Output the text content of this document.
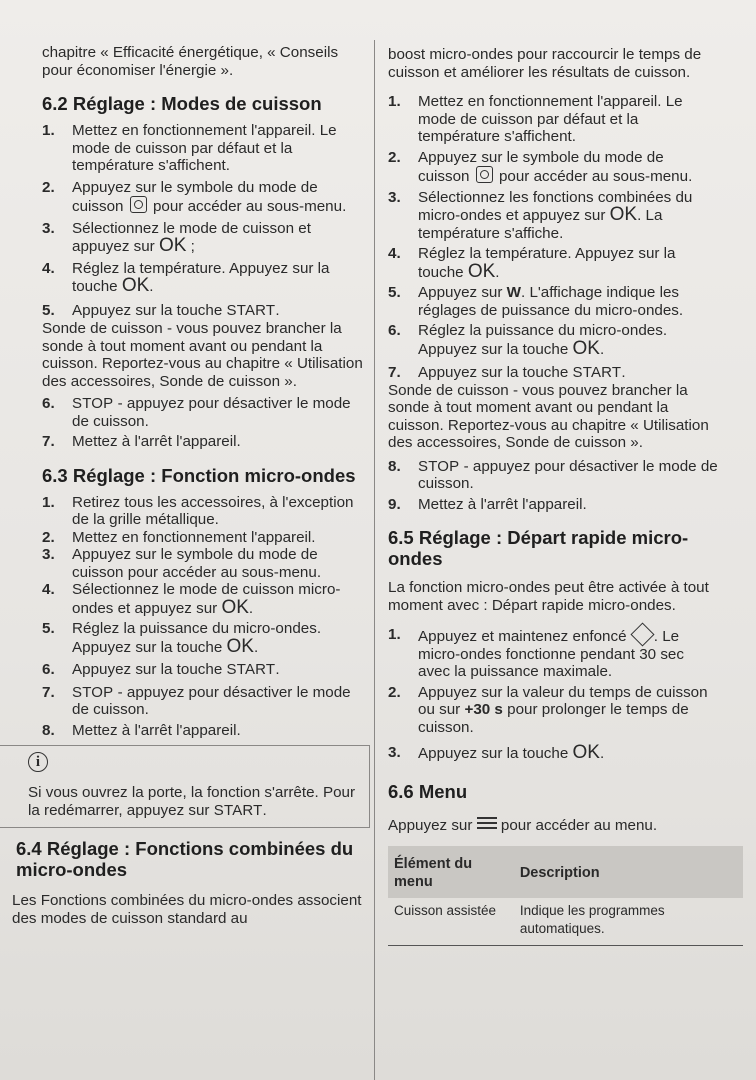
chapitre « Efficacité énergétique, « Conseils pour économiser l'énergie ».

6.2 Réglage : Modes de cuisson

1. Mettez en fonctionnement l'appareil. Le mode de cuisson par défaut et la température s'affichent.
2. Appuyez sur le symbole du mode de cuisson pour accéder au sous-menu.
3. Sélectionnez le mode de cuisson et appuyez sur OK ;
4. Réglez la température. Appuyez sur la touche OK.
5. Appuyez sur la touche START.

Sonde de cuisson - vous pouvez brancher la sonde à tout moment avant ou pendant la cuisson. Reportez-vous au chapitre « Utilisation des accessoires, Sonde de cuisson ».

6. STOP - appuyez pour désactiver le mode de cuisson.
7. Mettez à l'arrêt l'appareil.

6.3 Réglage : Fonction micro-ondes

1. Retirez tous les accessoires, à l'exception de la grille métallique.
2. Mettez en fonctionnement l'appareil.
3. Appuyez sur le symbole du mode de cuisson pour accéder au sous-menu.
4. Sélectionnez le mode de cuisson micro-ondes et appuyez sur OK.
5. Réglez la puissance du micro-ondes. Appuyez sur la touche OK.
6. Appuyez sur la touche START.
7. STOP - appuyez pour désactiver le mode de cuisson.
8. Mettez à l'arrêt l'appareil.
i

Si vous ouvrez la porte, la fonction s'arrête. Pour la redémarrer, appuyez sur START.

6.4 Réglage : Fonctions combinées du micro-ondes

Les Fonctions combinées du micro-ondes associent des modes de cuisson standard au

boost micro-ondes pour raccourcir le temps de cuisson et améliorer les résultats de cuisson.

1. Mettez en fonctionnement l'appareil. Le mode de cuisson par défaut et la température s'affichent.
2. Appuyez sur le symbole du mode de cuisson pour accéder au sous-menu.
3. Sélectionnez les fonctions combinées du micro-ondes et appuyez sur OK. La température s'affiche.
4. Réglez la température. Appuyez sur la touche OK.
5. Appuyez sur W. L'affichage indique les réglages de puissance du micro-ondes.
6. Réglez la puissance du micro-ondes. Appuyez sur la touche OK.
7. Appuyez sur la touche START.

Sonde de cuisson - vous pouvez brancher la sonde à tout moment avant ou pendant la cuisson. Reportez-vous au chapitre « Utilisation des accessoires, Sonde de cuisson ».

8. STOP - appuyez pour désactiver le mode de cuisson.
9. Mettez à l'arrêt l'appareil.

6.5 Réglage : Départ rapide micro-ondes

La fonction micro-ondes peut être activée à tout moment avec : Départ rapide micro-ondes.

1. Appuyez et maintenez enfoncé . Le micro-ondes fonctionne pendant 30 sec avec la puissance maximale.
2. Appuyez sur la valeur du temps de cuisson ou sur +30 s pour prolonger le temps de cuisson.
3. Appuyez sur la touche OK.

6.6 Menu

Appuyez sur pour accéder au menu.

Élément du menu	Description
Cuisson assistée	Indique les programmes automatiques.
